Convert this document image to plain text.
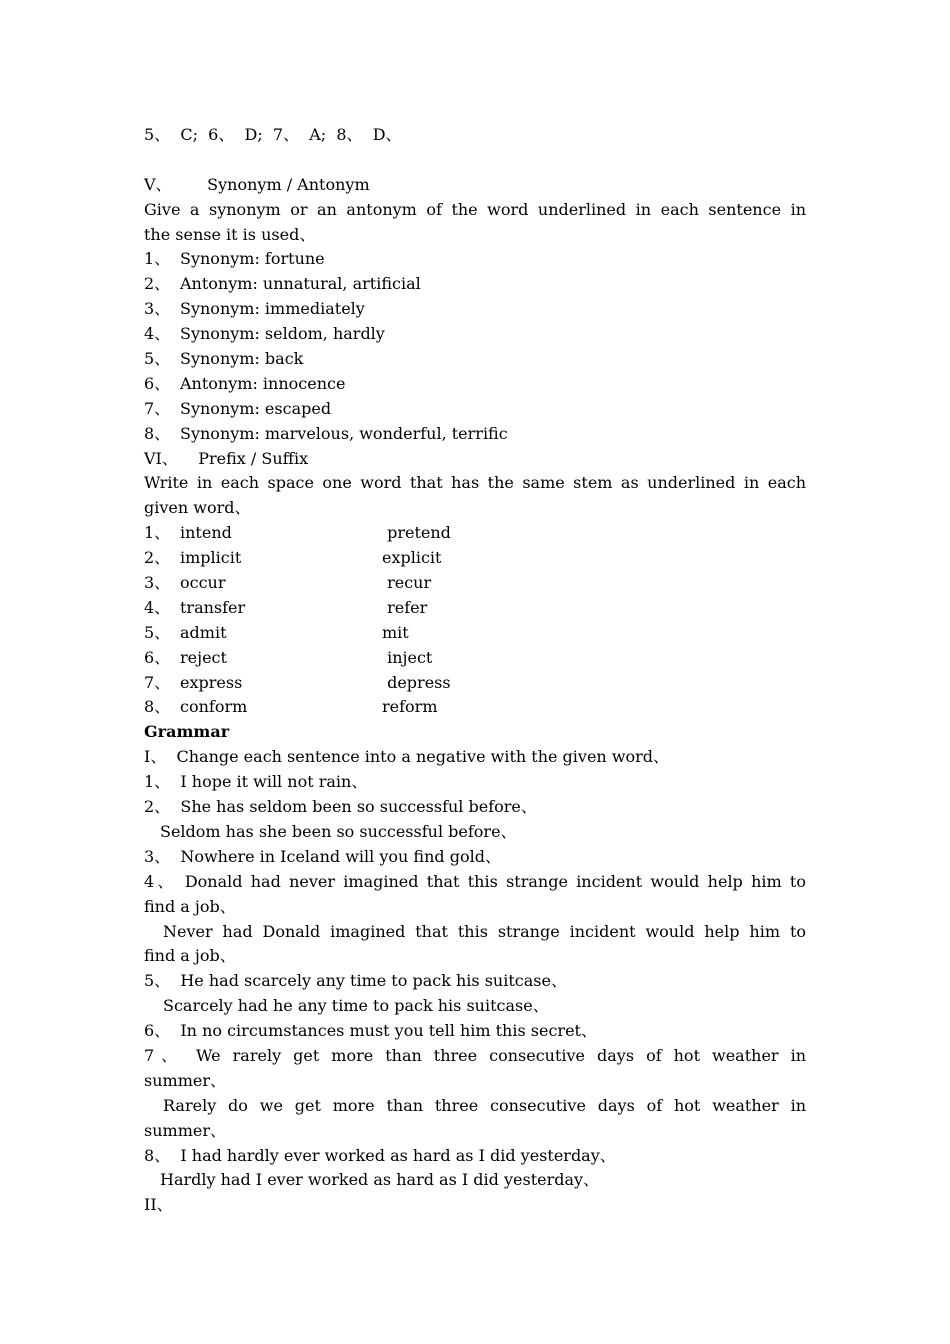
5、  C;  6、  D;  7、  A;  8、  D、
V、       Synonym / Antonym
Give a synonym or an antonym of the word underlined in each sentence in
the sense it is used、
1、 Synonym: fortune
2、 Antonym: unnatural, artificial
3、 Synonym: immediately
4、 Synonym: seldom, hardly
5、 Synonym: back
6、 Antonym: innocence
7、 Synonym: escaped
8、 Synonym: marvelous, wonderful, terrific
VI、    Prefix / Suffix
Write in each space one word that has the same stem as underlined in each
given word、
1、 intend	pretend
2、 implicit	explicit
3、 occur	recur
4、 transfer	refer
5、 admit	mit
6、 reject	inject
7、 express	depress
8、 conform	reform
Grammar
I、  Change each sentence into a negative with the given word、
1、  I hope it will not rain、
2、  She has seldom been so successful before、
Seldom has she been so successful before、
3、  Nowhere in Iceland will you find gold、
4、 Donald had never imagined that this strange incident would help him to
find a job、
Never had Donald imagined that this strange incident would help him to
find a job、
5、  He had scarcely any time to pack his suitcase、
Scarcely had he any time to pack his suitcase、
6、  In no circumstances must you tell him this secret、
7、 We rarely get more than three consecutive days of hot weather in
summer、
Rarely do we get more than three consecutive days of hot weather in
summer、
8、  I had hardly ever worked as hard as I did yesterday、
Hardly had I ever worked as hard as I did yesterday、
II、
